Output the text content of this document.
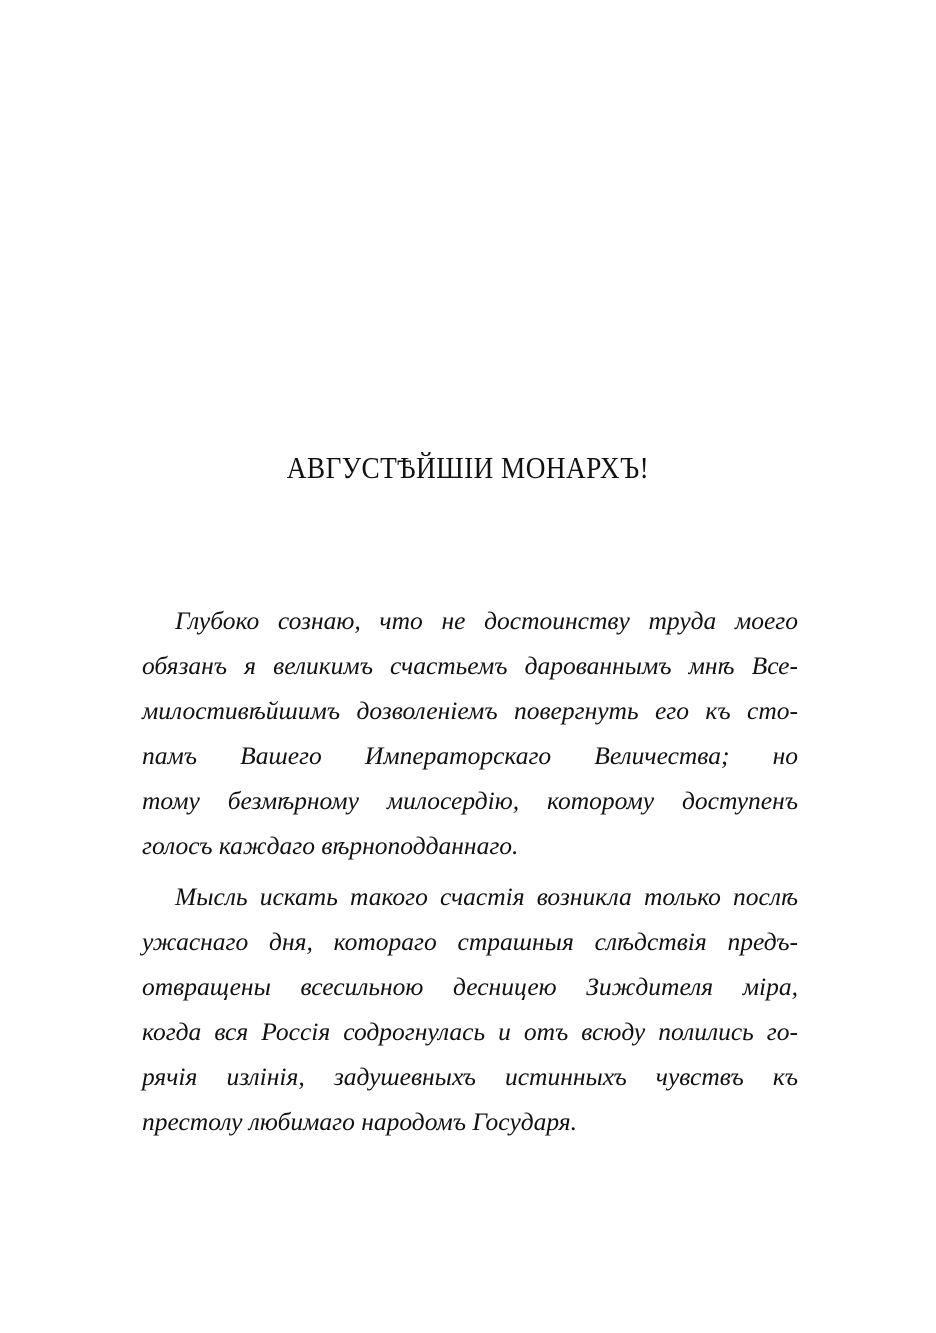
АВГУСТѢЙШІИ МОНАРХЪ!
Глубоко сознаю, что не достоинству труда моего
обязанъ я великимъ счастьемъ дарованнымъ мнѣ Все-
милостивѣйшимъ дозволеніемъ повергнуть его къ сто-
памъ Вашего Императорскаго Величества; но
тому безмѣрному милосердію, которому доступенъ
голосъ каждаго вѣрноподданнаго.
Мысль искать такого счастія возникла только послѣ
ужаснаго дня, котораго страшныя слѣдствія предъ-
отвращены всесильною десницею Зиждителя міра,
когда вся Россія содрогнулась и отъ всюду полились го-
рячія излінія, задушевныхъ истинныхъ чувствъ къ
престолу любимаго народомъ Государя.
